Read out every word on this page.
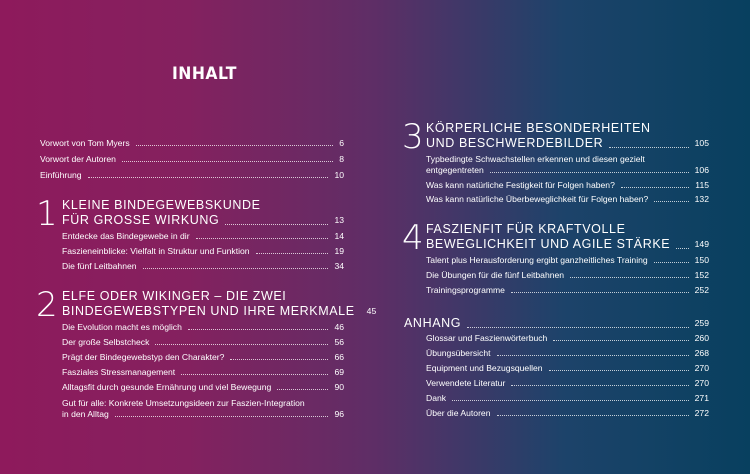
INHALT
Vorwort von Tom Myers	6
Vorwort der Autoren	8
Einführung	10
1 KLEINE BINDEGEWEBSKUNDE
FÜR GROSSE WIRKUNG	13
Entdecke das Bindegewebe in dir	14
Faszieneinblicke: Vielfalt in Struktur und Funktion	19
Die fünf Leitbahnen	34
2 ELFE ODER WIKINGER – DIE ZWEI
BINDEGEWEBSTYPEN UND IHRE MERKMALE 45
Die Evolution macht es möglich	46
Der große Selbstcheck	56
Prägt der Bindegewebstyp den Charakter?	66
Fasziales Stressmanagement	69
Alltagsfit durch gesunde Ernährung und viel Bewegung	90
Gut für alle: Konkrete Umsetzungsideen zur Faszien-Integration
in den Alltag	96
3 KÖRPERLICHE BESONDERHEITEN
UND BESCHWERDEBILDER	105
Typbedingte Schwachstellen erkennen und diesen gezielt
entgegentreten	106
Was kann natürliche Festigkeit für Folgen haben?	115
Was kann natürliche Überbeweglichkeit für Folgen haben?	132
4 FASZIENFIT FÜR KRAFTVOLLE
BEWEGLICHKEIT UND AGILE STÄRKE	149
Talent plus Herausforderung ergibt ganzheitliches Training	150
Die Übungen für die fünf Leitbahnen	152
Trainingsprogramme	252
ANHANG	259
Glossar und Faszienwörterbuch	260
Übungsübersicht	268
Equipment und Bezugsquellen	270
Verwendete Literatur	270
Dank	271
Über die Autoren	272
